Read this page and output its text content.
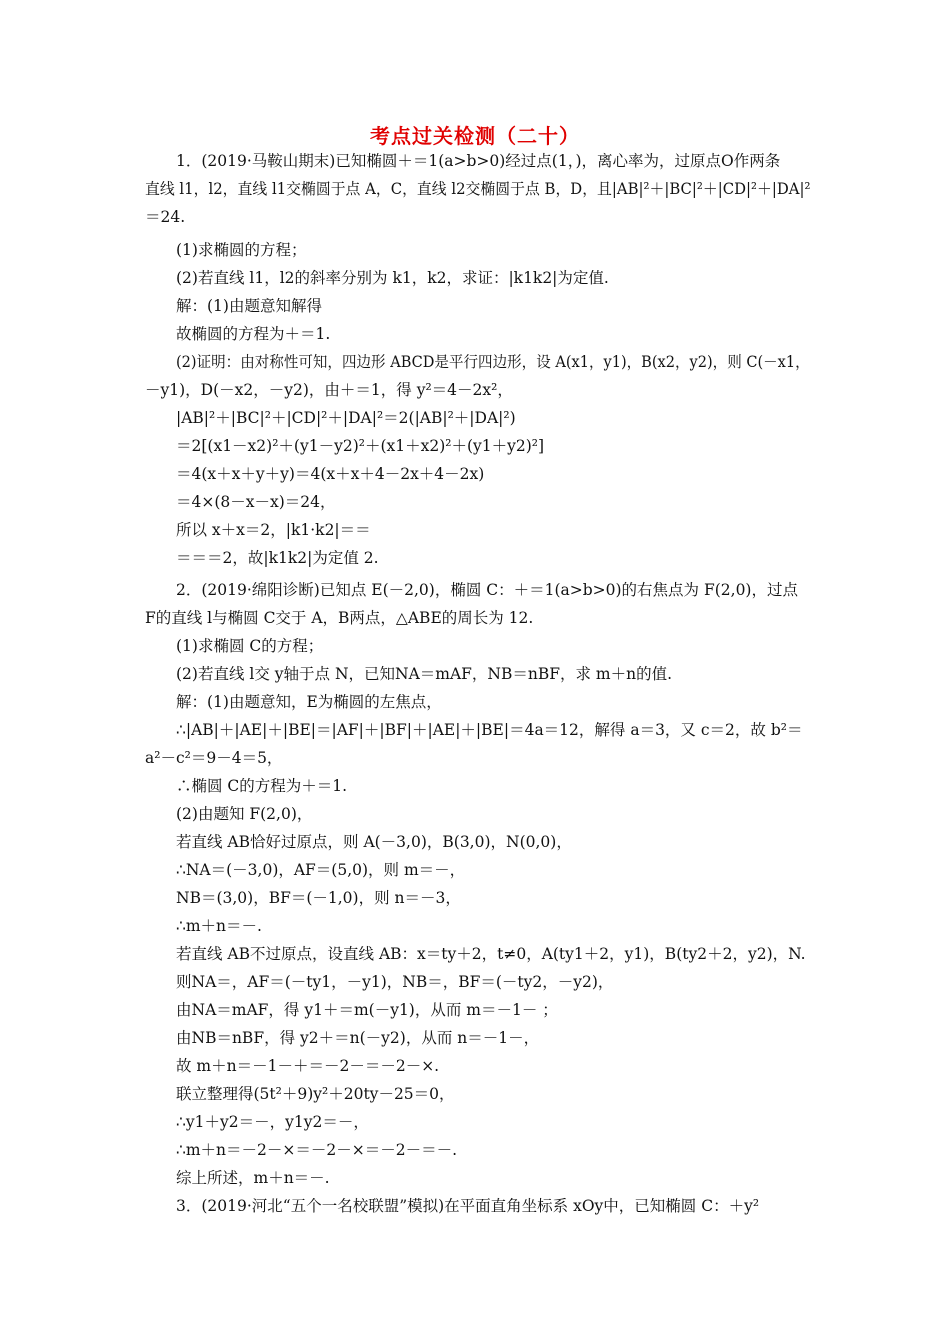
考点过关检测（二十）
1．(2019·马鞍山期末)已知椭圆＋＝1(a>b>0)经过点(1，)，离心率为，过原点O作两条
直线 l1，l2，直线 l1交椭圆于点 A，C，直线 l2交椭圆于点 B，D，且|AB|²＋|BC|²＋|CD|²＋|DA|²
＝24.
(1)求椭圆的方程；
(2)若直线 l1，l2的斜率分别为 k1，k2，求证：|k1k2|为定值.
解：(1)由题意知解得
故椭圆的方程为＋＝1.
(2)证明：由对称性可知，四边形 ABCD是平行四边形，设 A(x1，y1)，B(x2，y2)，则 C(－x1，
－y1)，D(－x2，－y2)，由＋＝1，得 y²＝4－2x²，
|AB|²＋|BC|²＋|CD|²＋|DA|²＝2(|AB|²＋|DA|²)
＝2[(x1－x2)²＋(y1－y2)²＋(x1＋x2)²＋(y1＋y2)²]
＝4(x＋x＋y＋y)＝4(x＋x＋4－2x＋4－2x)
＝4×(8－x－x)＝24，
所以 x＋x＝2，|k1·k2|＝＝
＝＝＝2，故|k1k2|为定值 2.
2．(2019·绵阳诊断)已知点 E(－2,0)，椭圆 C：＋＝1(a>b>0)的右焦点为 F(2,0)，过点
F的直线 l与椭圆 C交于 A，B两点，△ABE的周长为 12.
(1)求椭圆 C的方程；
(2)若直线 l交 y轴于点 N，已知NA＝mAF，NB＝nBF，求 m＋n的值.
解：(1)由题意知，E为椭圆的左焦点，
∴|AB|＋|AE|＋|BE|＝|AF|＋|BF|＋|AE|＋|BE|＝4a＝12，解得 a＝3，又 c＝2，故 b²＝
a²－c²＝9－4＝5，
∴椭圆 C的方程为＋＝1.
(2)由题知 F(2,0)，
若直线 AB恰好过原点，则 A(－3,0)，B(3,0)，N(0,0)，
∴NA＝(－3,0)，AF＝(5,0)，则 m＝－，
NB＝(3,0)，BF＝(－1,0)，则 n＝－3，
∴m＋n＝－.
若直线 AB不过原点，设直线 AB：x＝ty＋2，t≠0，A(ty1＋2，y1)，B(ty2＋2，y2)，N.
则NA＝，AF＝(－ty1，－y1)，NB＝，BF＝(－ty2，－y2)，
由NA＝mAF，得 y1＋＝m(－y1)，从而 m＝－1－ ；
由NB＝nBF，得 y2＋＝n(－y2)，从而 n＝－1－，
故 m＋n＝－1－＋＝－2－＝－2－×.
联立整理得(5t²＋9)y²＋20ty－25＝0，
∴y1＋y2＝－，y1y2＝－，
∴m＋n＝－2－×＝－2－×＝－2－＝－.
综上所述，m＋n＝－.
3．(2019·河北“五个一名校联盟”模拟)在平面直角坐标系 xOy中，已知椭圆 C：＋y²
